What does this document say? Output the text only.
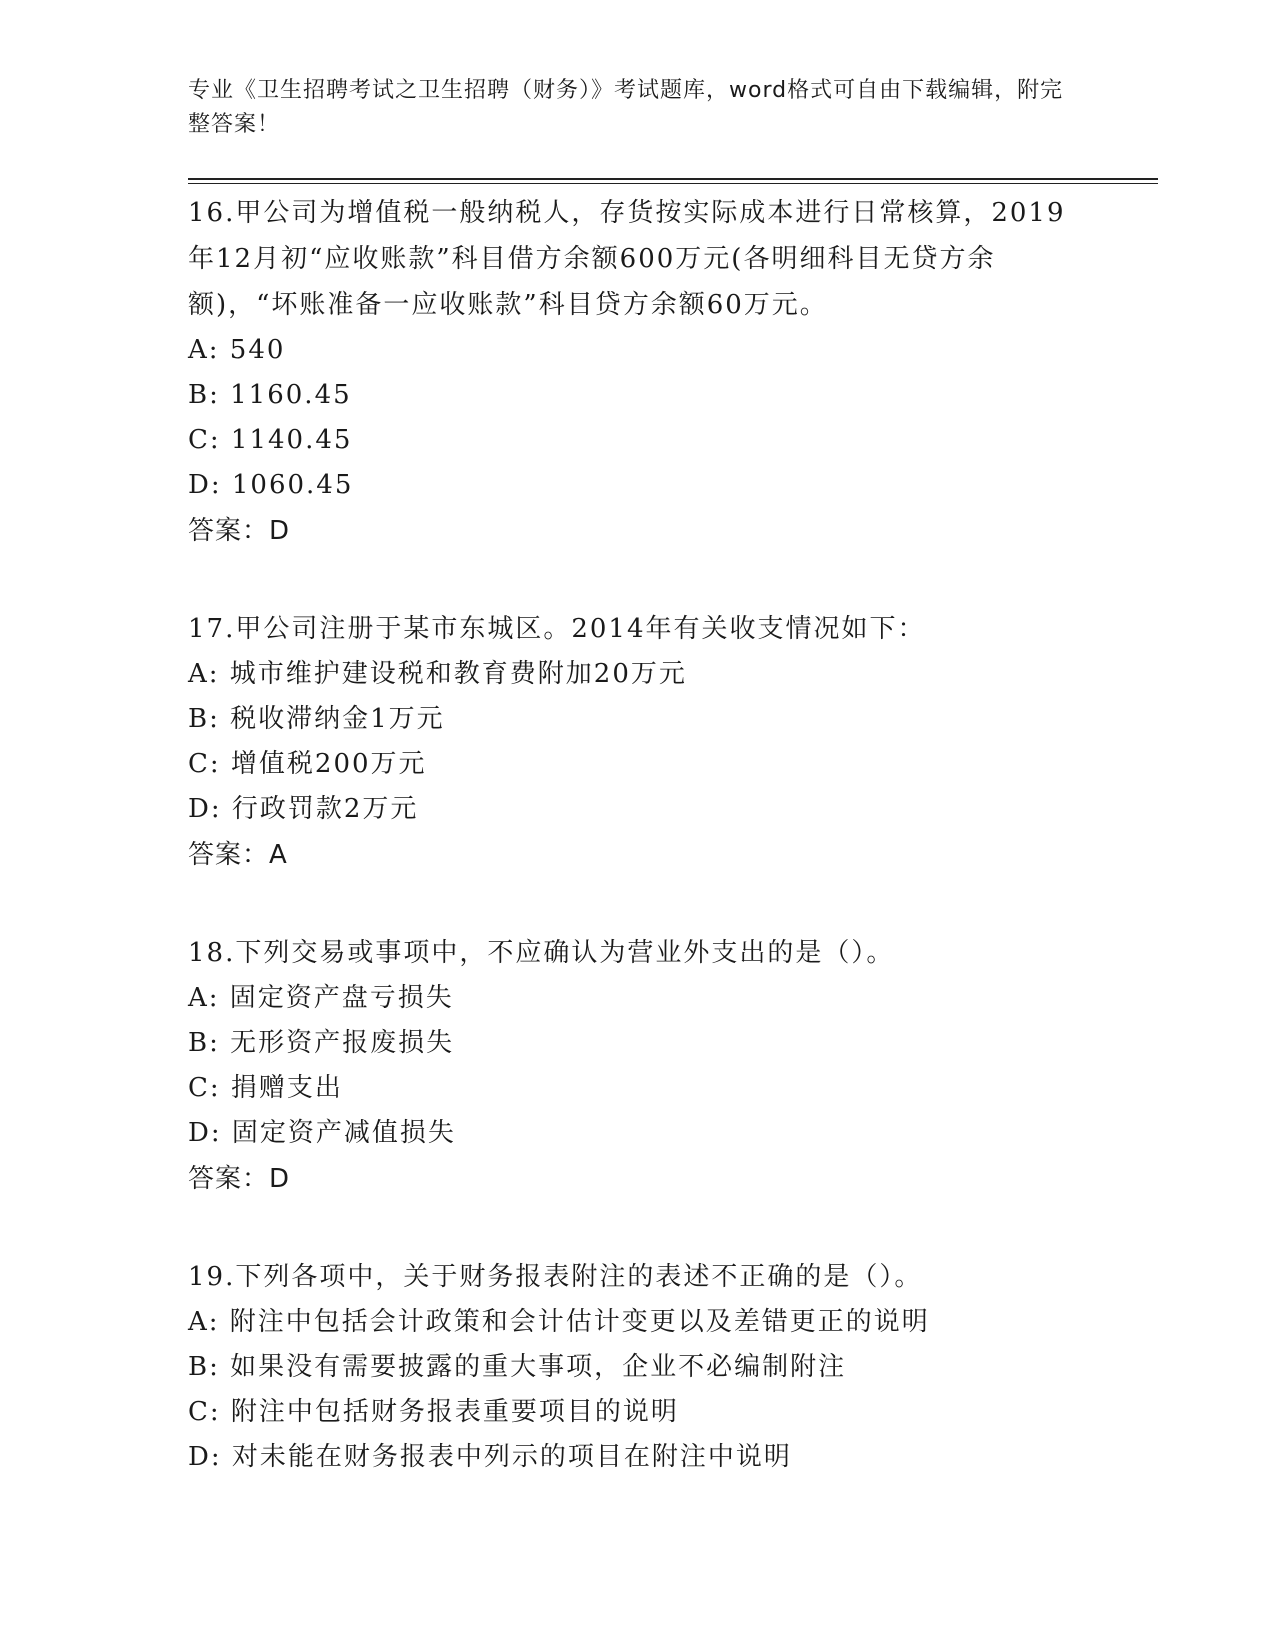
专业《卫生招聘考试之卫生招聘（财务）》考试题库，word格式可自由下载编辑，附完整答案！
16.甲公司为增值税一般纳税人，存货按实际成本进行日常核算，2019年12月初“应收账款”科目借方余额600万元(各明细科目无贷方余额)，“坏账准备一应收账款”科目贷方余额60万元。
A: 540
B: 1160.45
C: 1140.45
D: 1060.45
答案：D
17.甲公司注册于某市东城区。2014年有关收支情况如下：
A: 城市维护建设税和教育费附加20万元
B: 税收滞纳金1万元
C: 增值税200万元
D: 行政罚款2万元
答案：A
18.下列交易或事项中，不应确认为营业外支出的是（）。
A: 固定资产盘亏损失
B: 无形资产报废损失
C: 捐赠支出
D: 固定资产减值损失
答案：D
19.下列各项中，关于财务报表附注的表述不正确的是（）。
A: 附注中包括会计政策和会计估计变更以及差错更正的说明
B: 如果没有需要披露的重大事项，企业不必编制附注
C: 附注中包括财务报表重要项目的说明
D: 对未能在财务报表中列示的项目在附注中说明
